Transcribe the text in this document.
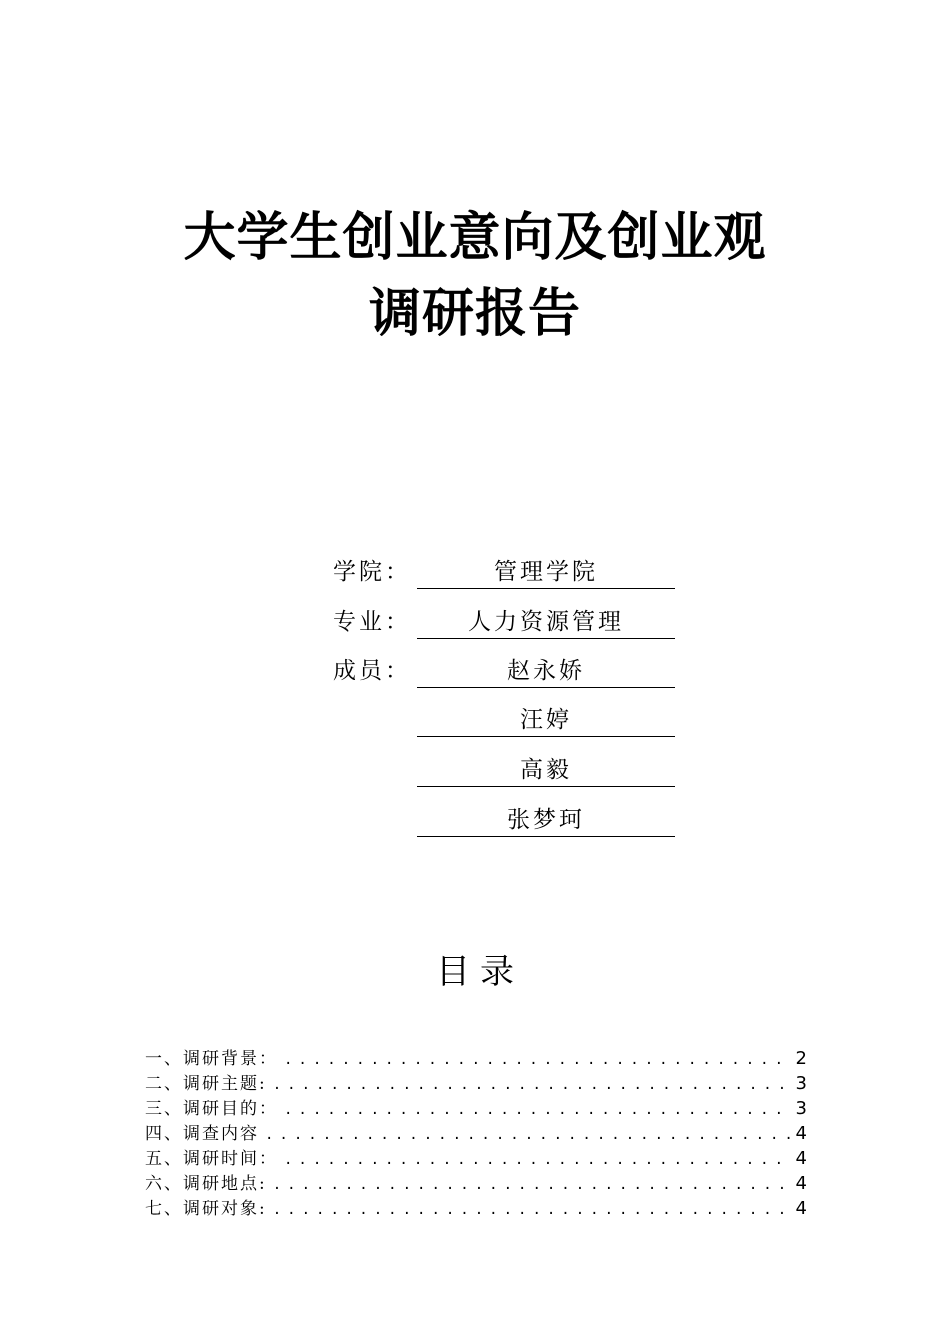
大学生创业意向及创业观
调研报告
学院：	管理学院
专业：	人力资源管理
成员：	赵永娇
汪婷
高毅
张梦珂
目录
一、调研背景： .....	2
二、调研主题: .....	3
三、调研目的： .....	3
四、调查内容 .....	4
五、调研时间： .....	4
六、调研地点: .....	4
七、调研对象: .....	4
